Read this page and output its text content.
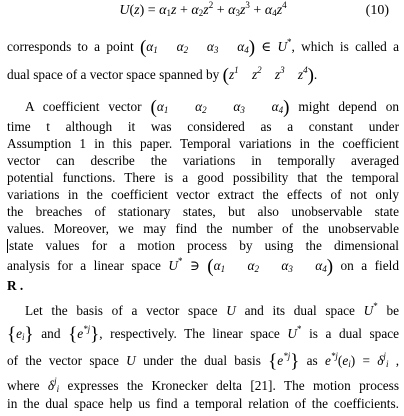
$U(z) = \alpha_1z + \alpha_2z^2 + \alpha_3z^3 + \alpha_4z^4$	(10)
corresponds to a point ($\alpha_1$   $\alpha_2$   $\alpha_3$   $\alpha_4$) ∈ U*, which is called a
dual space of a vector space spanned by ($z^1$    $z^2$    $z^3$    $z^4$).
A coefficient vector ($\alpha_1$   $\alpha_2$   $\alpha_3$   $\alpha_4$) might depend on
time t although it was considered as a constant under
Assumption 1 in this paper. Temporal variations in the coefficient
vector can describe the variations in temporally averaged
potential functions. There is a good possibility that the temporal
variations in the coefficient vector extract the effects of not only
the breaches of stationary states, but also unobservable state
values. Moreover, we may find the number of the unobservable
state values for a motion process by using the dimensional
analysis for a linear space U* ∋ ($\alpha_1$   $\alpha_2$   $\alpha_3$   $\alpha_4$) on a field
R .
Let the basis of a vector space U and its dual space U* be
$\{e_i\}$ and $\{e^{*j}\}$, respectively. The linear space U* is a dual space
of the vector space U under the dual basis $\{e^{*j}\}$ as $e^{*j}(e_i) = \delta^j_i$ ,
where $\delta^j_i$ expresses the Kronecker delta [21]. The motion process
in the dual space help us find a temporal relation of the coefficients.
